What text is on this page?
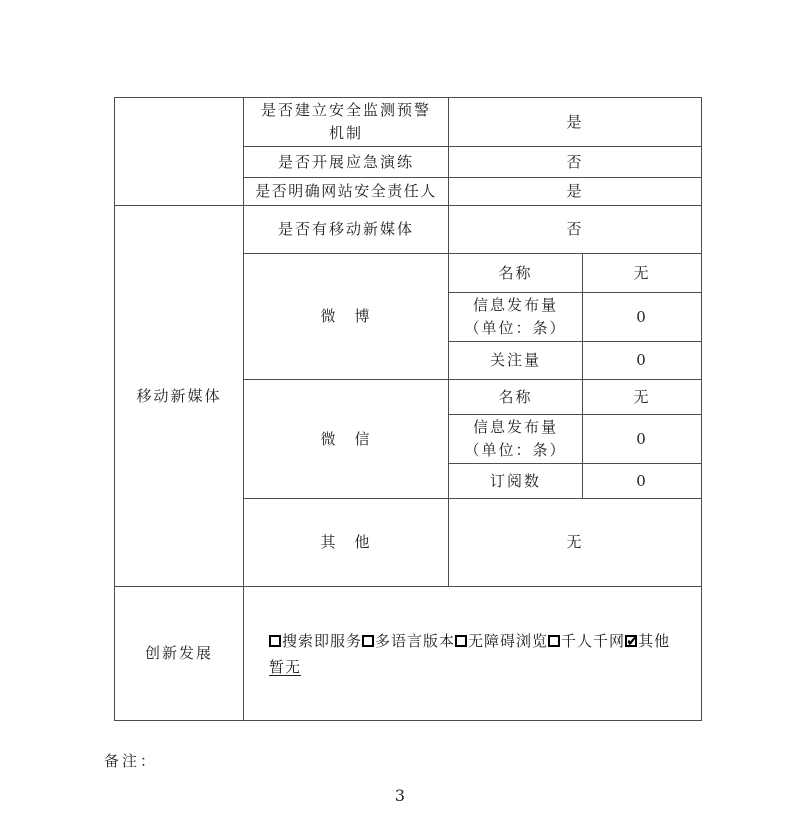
	是否建立安全监测预警
机制	是	
	是否开展应急演练	否	
	是否明确网站安全责任人	是	
移动新媒体	是否有移动新媒体	否	
	微　博	名称	无

		信息发布量
（单位：条）	0
		关注量	0
	微　信	名称	无

		信息发布量
（单位：条）	0
		订阅数	0
	其　他	无	
创新发展	搜索即服务 多语言版本 无障碍浏览 千人千网 ✔ 其他
暂无
备注：
3
